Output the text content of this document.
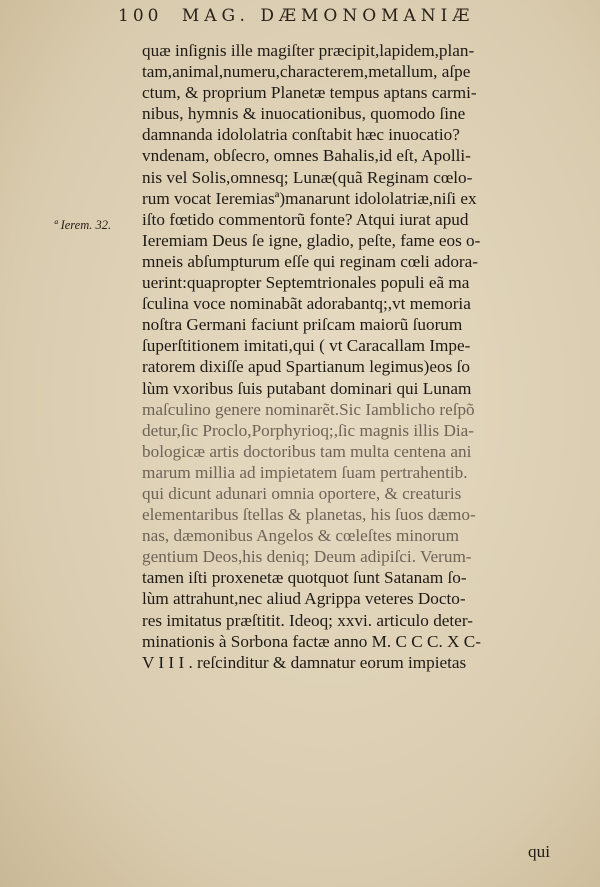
100 MAG. DÆMONOMANIÆ
ª Ierem. 32.
quæ inſignis ille magiſter præcipit,lapidem,plan-
tam,animal,numeru,characterem,metallum, aſpe
ctum, & proprium Planetæ tempus aptans carmi-
nibus, hymnis & inuocationibus, quomodo ſine
damnanda idololatria conſtabit hæc inuocatio?
vndenam, obſecro, omnes Bahalis,id eſt, Apolli-
nis vel Solis,omnesq; Lunæ(quã Reginam cœlo-
rum vocat Ieremiasª)manarunt idololatriæ,niſi ex
iſto fœtido commentorũ fonte? Atqui iurat apud
Ieremiam Deus ſe igne, gladio, peſte, fame eos o-
mneis abſumpturum eſſe qui reginam cœli adora-
uerint:quapropter Septemtrionales populi eã ma
ſculina voce nominabãt adorabantq;,vt memoria
noſtra Germani faciunt priſcam maiorũ ſuorum
ſuperſtitionem imitati,qui ( vt Caracallam Impe-
ratorem dixiſſe apud Spartianum legimus)eos ſo
lùm vxoribus ſuis putabant dominari qui Lunam
maſculino genere nominarẽt.Sic Iamblicho reſpõ
detur,ſic Proclo,Porphyrioq;,ſic magnis illis Dia-
bologicæ artis doctoribus tam multa centena ani
marum millia ad impietatem ſuam pertrahentib.
qui dicunt adunari omnia oportere, & creaturis
elementaribus ſtellas & planetas, his ſuos dæmo-
nas, dæmonibus Angelos & cœleſtes minorum
gentium Deos,his deniq; Deum adipiſci. Verum-
tamen iſti proxenetæ quotquot ſunt Satanam ſo-
lùm attrahunt,nec aliud Agrippa veteres Docto-
res imitatus præſtitit. Ideoq; xxvi. articulo deter-
minationis à Sorbona factæ anno M. C C C. X C-
V I I I . reſcinditur & damnatur eorum impietas
qui
